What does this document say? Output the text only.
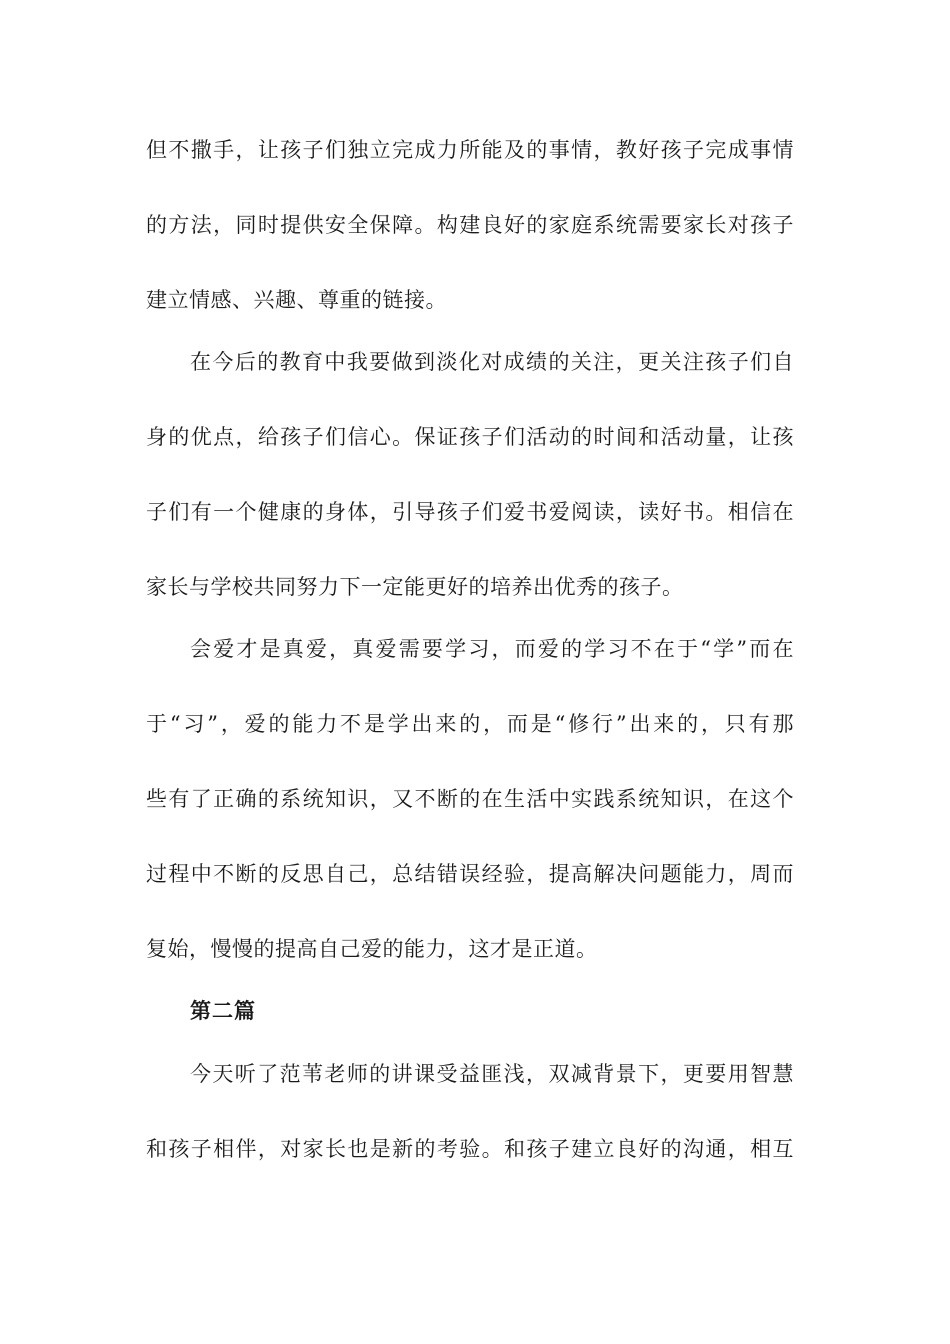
但不撒手，让孩子们独立完成力所能及的事情，教好孩子完成事情
的方法，同时提供安全保障。构建良好的家庭系统需要家长对孩子
建立情感、兴趣、尊重的链接。
在今后的教育中我要做到淡化对成绩的关注，更关注孩子们自
身的优点，给孩子们信心。保证孩子们活动的时间和活动量，让孩
子们有一个健康的身体，引导孩子们爱书爱阅读，读好书。相信在
家长与学校共同努力下一定能更好的培养出优秀的孩子。
会爱才是真爱，真爱需要学习，而爱的学习不在于“学”而在
于“习”，爱的能力不是学出来的，而是“修行”出来的，只有那
些有了正确的系统知识，又不断的在生活中实践系统知识，在这个
过程中不断的反思自己，总结错误经验，提高解决问题能力，周而
复始，慢慢的提高自己爱的能力，这才是正道。
第二篇
今天听了范苇老师的讲课受益匪浅，双减背景下，更要用智慧
和孩子相伴，对家长也是新的考验。和孩子建立良好的沟通，相互
